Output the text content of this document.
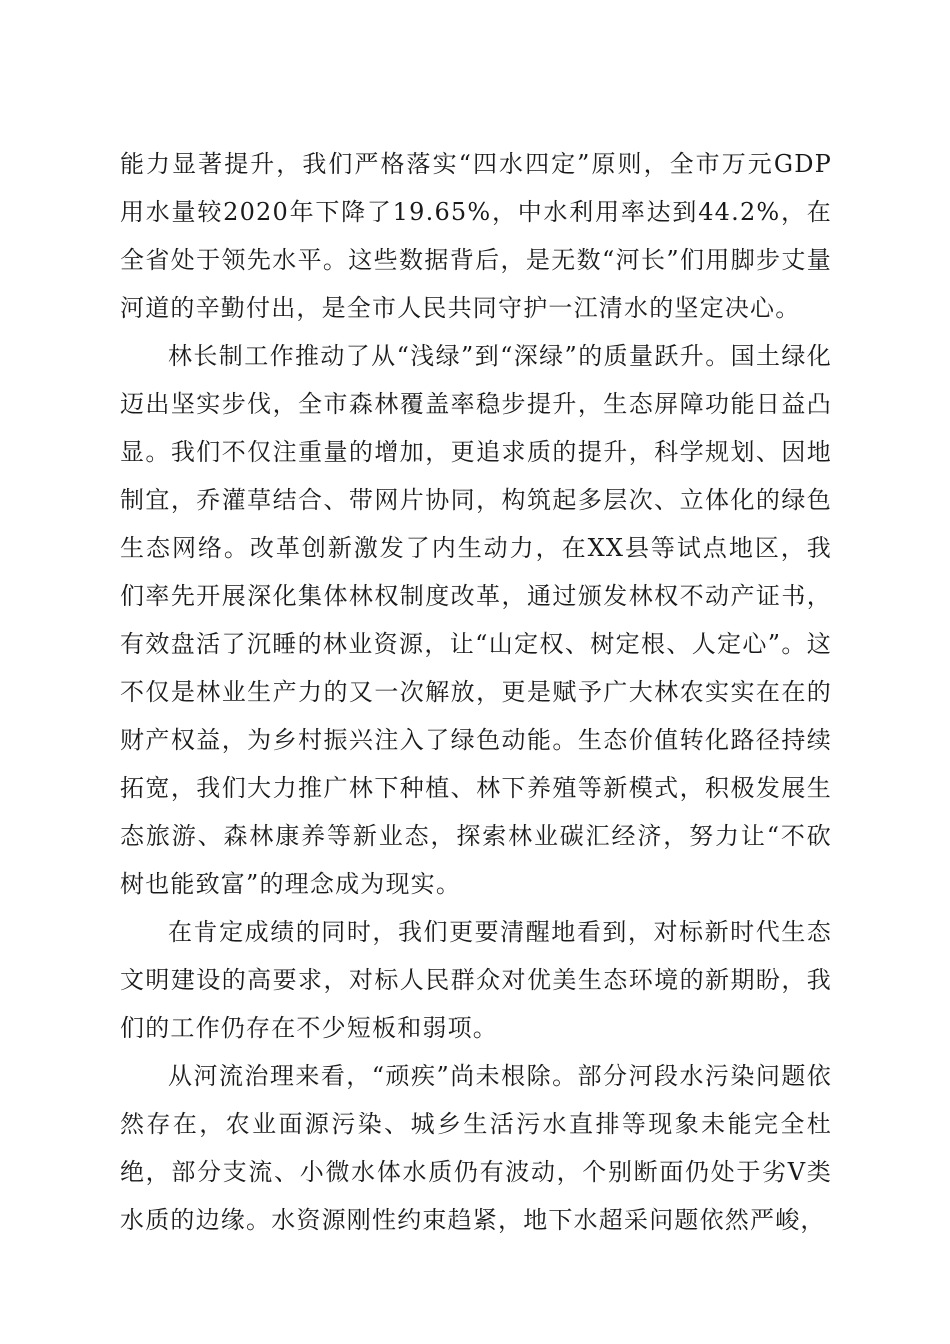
能力显著提升，我们严格落实“四水四定”原则，全市万元GDP用水量较2020年下降了19.65%，中水利用率达到44.2%，在全省处于领先水平。这些数据背后，是无数“河长”们用脚步丈量河道的辛勤付出，是全市人民共同守护一江清水的坚定决心。

林长制工作推动了从“浅绿”到“深绿”的质量跃升。国土绿化迈出坚实步伐，全市森林覆盖率稳步提升，生态屏障功能日益凸显。我们不仅注重量的增加，更追求质的提升，科学规划、因地制宜，乔灌草结合、带网片协同，构筑起多层次、立体化的绿色生态网络。改革创新激发了内生动力，在XX县等试点地区，我们率先开展深化集体林权制度改革，通过颁发林权不动产证书，有效盘活了沉睡的林业资源，让“山定权、树定根、人定心”。这不仅是林业生产力的又一次解放，更是赋予广大林农实实在在的财产权益，为乡村振兴注入了绿色动能。生态价值转化路径持续拓宽，我们大力推广林下种植、林下养殖等新模式，积极发展生态旅游、森林康养等新业态，探索林业碳汇经济，努力让“不砍树也能致富”的理念成为现实。

在肯定成绩的同时，我们更要清醒地看到，对标新时代生态文明建设的高要求，对标人民群众对优美生态环境的新期盼，我们的工作仍存在不少短板和弱项。

从河流治理来看，“顽疾”尚未根除。部分河段水污染问题依然存在，农业面源污染、城乡生活污水直排等现象未能完全杜绝，部分支流、小微水体水质仍有波动，个别断面仍处于劣Ⅴ类水质的边缘。水资源刚性约束趋紧，地下水超采问题依然严峻，
